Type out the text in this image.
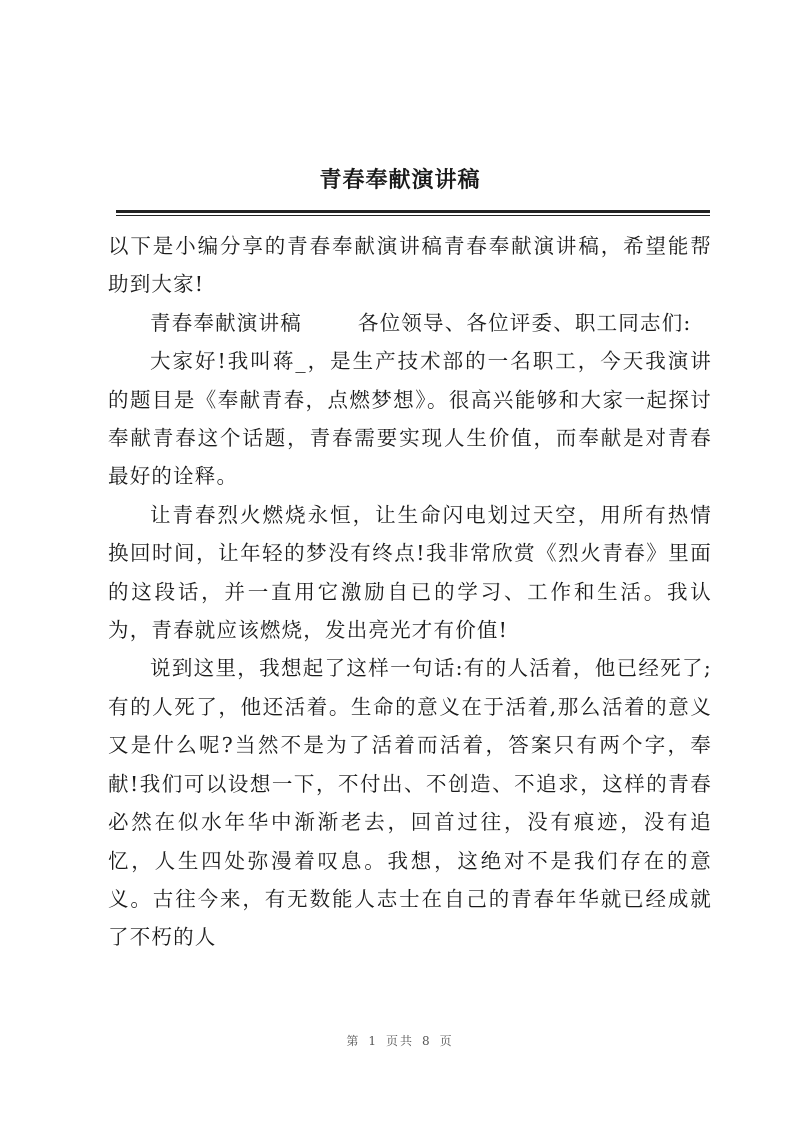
青春奉献演讲稿

以下是小编分享的青春奉献演讲稿青春奉献演讲稿，希望能帮助到大家!

青春奉献演讲稿	各位领导、各位评委、职工同志们:

大家好!我叫蒋_，是生产技术部的一名职工，今天我演讲的题目是《奉献青春，点燃梦想》。很高兴能够和大家一起探讨奉献青春这个话题，青春需要实现人生价值，而奉献是对青春最好的诠释。

让青春烈火燃烧永恒，让生命闪电划过天空，用所有热情换回时间，让年轻的梦没有终点!我非常欣赏《烈火青春》里面的这段话，并一直用它激励自已的学习、工作和生活。我认为，青春就应该燃烧，发出亮光才有价值!

说到这里，我想起了这样一句话:有的人活着，他已经死了;有的人死了，他还活着。生命的意义在于活着,那么活着的意义又是什么呢?当然不是为了活着而活着，答案只有两个字，奉献!我们可以设想一下，不付出、不创造、不追求，这样的青春必然在似水年华中渐渐老去，回首过往，没有痕迹，没有追忆，人生四处弥漫着叹息。我想，这绝对不是我们存在的意义。古往今来，有无数能人志士在自己的青春年华就已经成就了不朽的人

第 1 页共 8 页
